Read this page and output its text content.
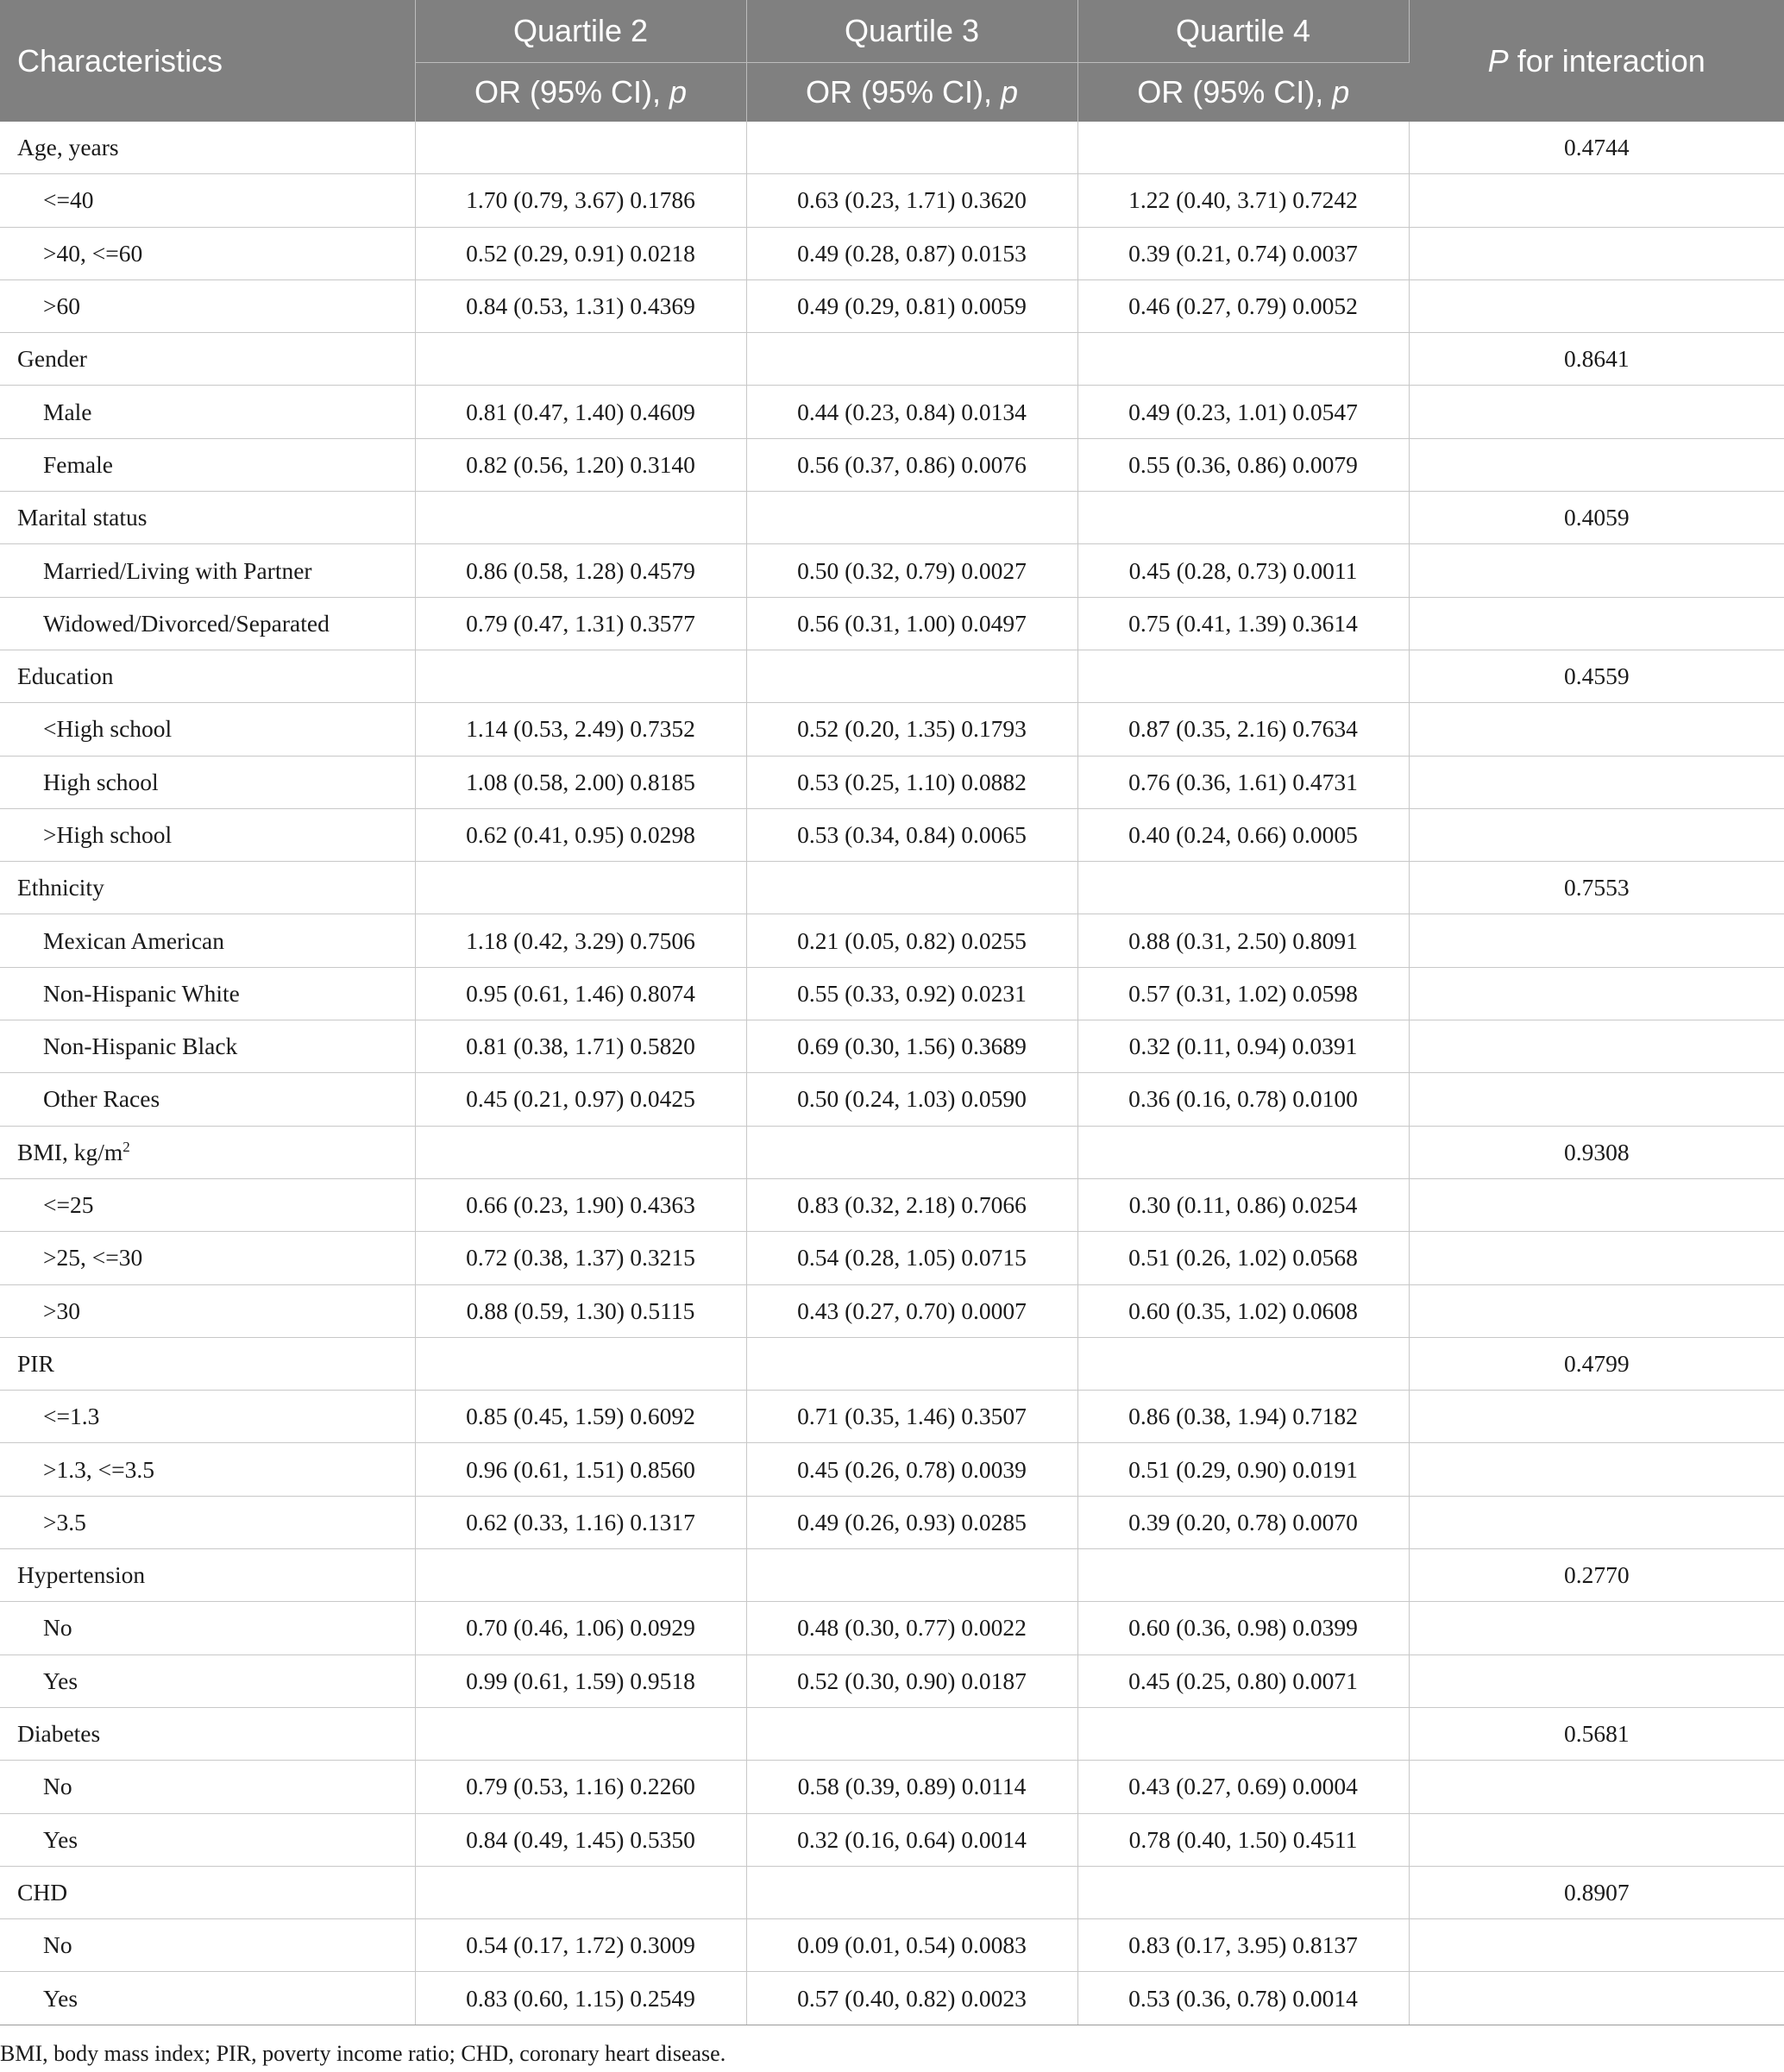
Characteristics	Quartile 2	Quartile 3	Quartile 4	P for interaction
	OR (95% CI), p	OR (95% CI), p	OR (95% CI), p	
Age, years				0.4744
<=40	1.70 (0.79, 3.67) 0.1786	0.63 (0.23, 1.71) 0.3620	1.22 (0.40, 3.71) 0.7242	
>40, <=60	0.52 (0.29, 0.91) 0.0218	0.49 (0.28, 0.87) 0.0153	0.39 (0.21, 0.74) 0.0037	
>60	0.84 (0.53, 1.31) 0.4369	0.49 (0.29, 0.81) 0.0059	0.46 (0.27, 0.79) 0.0052	
Gender				0.8641
Male	0.81 (0.47, 1.40) 0.4609	0.44 (0.23, 0.84) 0.0134	0.49 (0.23, 1.01) 0.0547	
Female	0.82 (0.56, 1.20) 0.3140	0.56 (0.37, 0.86) 0.0076	0.55 (0.36, 0.86) 0.0079	
Marital status				0.4059
Married/Living with Partner	0.86 (0.58, 1.28) 0.4579	0.50 (0.32, 0.79) 0.0027	0.45 (0.28, 0.73) 0.0011	
Widowed/Divorced/Separated	0.79 (0.47, 1.31) 0.3577	0.56 (0.31, 1.00) 0.0497	0.75 (0.41, 1.39) 0.3614	
Education				0.4559
<High school	1.14 (0.53, 2.49) 0.7352	0.52 (0.20, 1.35) 0.1793	0.87 (0.35, 2.16) 0.7634	
High school	1.08 (0.58, 2.00) 0.8185	0.53 (0.25, 1.10) 0.0882	0.76 (0.36, 1.61) 0.4731	
>High school	0.62 (0.41, 0.95) 0.0298	0.53 (0.34, 0.84) 0.0065	0.40 (0.24, 0.66) 0.0005	
Ethnicity				0.7553
Mexican American	1.18 (0.42, 3.29) 0.7506	0.21 (0.05, 0.82) 0.0255	0.88 (0.31, 2.50) 0.8091	
Non-Hispanic White	0.95 (0.61, 1.46) 0.8074	0.55 (0.33, 0.92) 0.0231	0.57 (0.31, 1.02) 0.0598	
Non-Hispanic Black	0.81 (0.38, 1.71) 0.5820	0.69 (0.30, 1.56) 0.3689	0.32 (0.11, 0.94) 0.0391	
Other Races	0.45 (0.21, 0.97) 0.0425	0.50 (0.24, 1.03) 0.0590	0.36 (0.16, 0.78) 0.0100	
BMI, $kg/m^2$				0.9308
<=25	0.66 (0.23, 1.90) 0.4363	0.83 (0.32, 2.18) 0.7066	0.30 (0.11, 0.86) 0.0254	
>25, <=30	0.72 (0.38, 1.37) 0.3215	0.54 (0.28, 1.05) 0.0715	0.51 (0.26, 1.02) 0.0568	
>30	0.88 (0.59, 1.30) 0.5115	0.43 (0.27, 0.70) 0.0007	0.60 (0.35, 1.02) 0.0608	
PIR				0.4799
<=1.3	0.85 (0.45, 1.59) 0.6092	0.71 (0.35, 1.46) 0.3507	0.86 (0.38, 1.94) 0.7182	
>1.3, <=3.5	0.96 (0.61, 1.51) 0.8560	0.45 (0.26, 0.78) 0.0039	0.51 (0.29, 0.90) 0.0191	
>3.5	0.62 (0.33, 1.16) 0.1317	0.49 (0.26, 0.93) 0.0285	0.39 (0.20, 0.78) 0.0070	
Hypertension				0.2770
No	0.70 (0.46, 1.06) 0.0929	0.48 (0.30, 0.77) 0.0022	0.60 (0.36, 0.98) 0.0399	
Yes	0.99 (0.61, 1.59) 0.9518	0.52 (0.30, 0.90) 0.0187	0.45 (0.25, 0.80) 0.0071	
Diabetes				0.5681
No	0.79 (0.53, 1.16) 0.2260	0.58 (0.39, 0.89) 0.0114	0.43 (0.27, 0.69) 0.0004	
Yes	0.84 (0.49, 1.45) 0.5350	0.32 (0.16, 0.64) 0.0014	0.78 (0.40, 1.50) 0.4511	
CHD				0.8907
No	0.54 (0.17, 1.72) 0.3009	0.09 (0.01, 0.54) 0.0083	0.83 (0.17, 3.95) 0.8137	
Yes	0.83 (0.60, 1.15) 0.2549	0.57 (0.40, 0.82) 0.0023	0.53 (0.36, 0.78) 0.0014	
BMI, body mass index; PIR, poverty income ratio; CHD, coronary heart disease.
